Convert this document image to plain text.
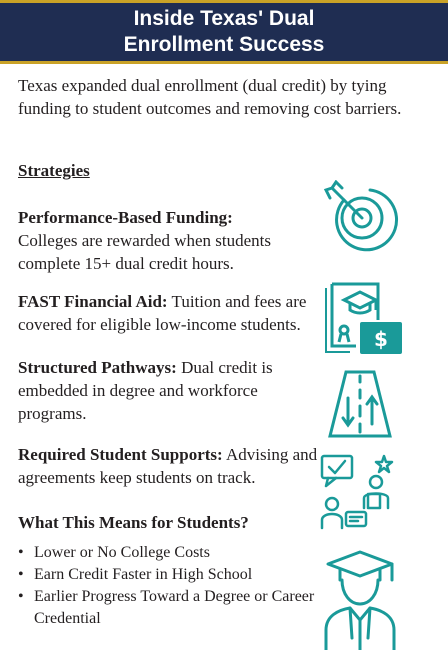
Inside Texas' Dual
Enrollment Success
Texas expanded dual enrollment (dual credit) by tying funding to student outcomes and removing cost barriers.
Strategies
Performance-Based Funding:
Colleges are rewarded when students complete 15+ dual credit hours.
FAST Financial Aid: Tuition and fees are covered for eligible low-income students.
Structured Pathways: Dual credit is embedded in degree and workforce programs.
Required Student Supports: Advising and agreements keep students on track.
What This Means for Students?
• Lower or No College Costs
• Earn Credit Faster in High School
• Earlier Progress Toward a Degree or Career Credential
$
